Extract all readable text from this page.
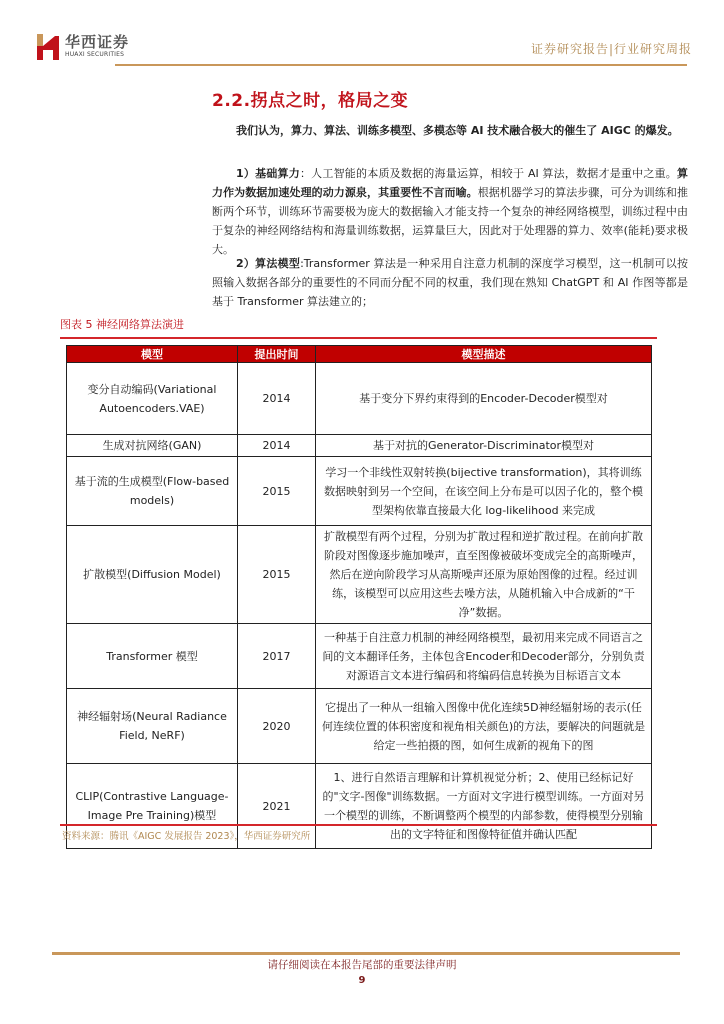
华西证券
HUAXI SECURITIES	证券研究报告|行业研究周报
2.2.拐点之时，格局之变
我们认为，算力、算法、训练多模型、多模态等 AI 技术融合极大的催生了 AIGC 的爆发。
1）基础算力：人工智能的本质及数据的海量运算，相较于 AI 算法，数据才是重中之重。算力作为数据加速处理的动力源泉，其重要性不言而喻。根据机器学习的算法步骤，可分为训练和推断两个环节，训练环节需要极为庞大的数据输入才能支持一个复杂的神经网络模型，训练过程中由于复杂的神经网络结构和海量训练数据，运算量巨大，因此对于处理器的算力、效率(能耗)要求极大。
2）算法模型:Transformer 算法是一种采用自注意力机制的深度学习模型，这一机制可以按照输入数据各部分的重要性的不同而分配不同的权重，我们现在熟知 ChatGPT 和 AI 作图等都是基于 Transformer 算法建立的；
图表 5 神经网络算法演进
模型	提出时间	模型描述
变分自动编码(Variational Autoencoders.VAE)	2014	基于变分下界约束得到的Encoder-Decoder模型对
生成对抗网络(GAN)	2014	基于对抗的Generator-Discriminator模型对
基于流的生成模型(Flow-based models)	2015	学习一个非线性双射转换(bijective transformation)，其将训练数据映射到另一个空间，在该空间上分布是可以因子化的，整个模型架构依靠直接最大化 log-likelihood 来完成
扩散模型(Diffusion Model)	2015	扩散模型有两个过程，分别为扩散过程和逆扩散过程。在前向扩散阶段对图像逐步施加噪声，直至图像被破坏变成完全的高斯噪声，然后在逆向阶段学习从高斯噪声还原为原始图像的过程。经过训练，该模型可以应用这些去噪方法，从随机输入中合成新的“干净”数据。
Transformer 模型	2017	一种基于自注意力机制的神经网络模型，最初用来完成不同语言之间的文本翻译任务，主体包含Encoder和Decoder部分，分别负责对源语言文本进行编码和将编码信息转换为目标语言文本
神经辐射场(Neural Radiance Field, NeRF)	2020	它提出了一种从一组输入图像中优化连续5D神经辐射场的表示(任何连续位置的体积密度和视角相关颜色)的方法，要解决的问题就是给定一些拍摄的图，如何生成新的视角下的图
CLIP(Contrastive Language-Image Pre Training)模型	2021	1、进行自然语言理解和计算机视觉分析；2、使用已经标记好的"文字-图像"训练数据。一方面对文字进行模型训练。一方面对另一个模型的训练，不断调整两个模型的内部参数，使得模型分别输出的文字特征和图像特征值并确认匹配
资料来源：腾讯《AIGC 发展报告 2023》，华西证券研究所
请仔细阅读在本报告尾部的重要法律声明
9
